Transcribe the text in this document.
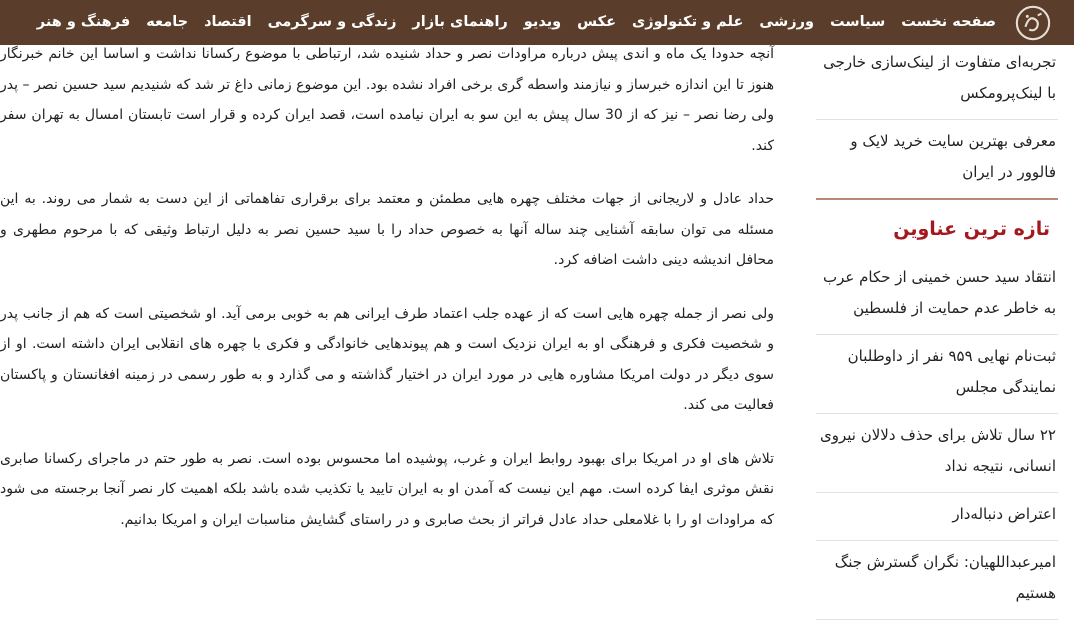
صفحه نخست
سیاست
ورزشی
علم و تکنولوژی
عکس
ویدیو
راهنمای بازار
زندگی و سرگرمی
اقتصاد
جامعه
فرهنگ و هنر
تجربه‌ای متفاوت از لینک‌سازی خارجی با لینک‌پرومکس
معرفی بهترین سایت خرید لایک و فالوور در ایران
تازه ترین عناوین
انتقاد سید حسن خمینی از حکام عرب به خاطر عدم حمایت از فلسطین
ثبت‌نام نهایی ۹۵۹ نفر از داوطلبان نمایندگی مجلس
۲۲ سال تلاش برای حذف دلالان نیروی انسانی، نتیجه نداد
اعتراض دنباله‌دار
امیرعبداللهیان: نگران گسترش جنگ هستیم

آنچه حدودا یک ماه و اندی پیش درباره مراودات نصر و حداد شنیده شد، ارتباطی با موضوع رکسانا نداشت و اساسا این خانم خبرنگار هنوز تا این اندازه خبرساز و نیازمند واسطه گری برخی افراد نشده بود. این موضوع زمانی داغ تر شد که شنیدیم سید حسین نصر – پدر ولی رضا نصر – نیز که از 30 سال پیش به این سو به ایران نیامده است، قصد ایران کرده و قرار است تابستان امسال به تهران سفر کند.

حداد عادل و لاریجانی از جهات مختلف چهره هایی مطمئن و معتمد برای برقراری تفاهماتی از این دست به شمار می روند. به این مسئله می توان سابقه آشنایی چند ساله آنها به خصوص حداد را با سید حسین نصر به دلیل ارتباط وثیقی که با مرحوم مطهری و محافل اندیشه دینی داشت اضافه کرد.

ولی نصر از جمله چهره هایی است که از عهده جلب اعتماد طرف ایرانی هم به خوبی برمی آید. او شخصیتی است که هم از جانب پدر و شخصیت فکری و فرهنگی او به ایران نزدیک است و هم پیوندهایی خانوادگی و فکری با چهره های انقلابی ایران داشته است. او از سوی دیگر در دولت امریکا مشاوره هایی در مورد ایران در اختیار گذاشته و می گذارد و به طور رسمی در زمینه افغانستان و پاکستان فعالیت می کند.

تلاش های او در امریکا برای بهبود روابط ایران و غرب، پوشیده اما محسوس بوده است. نصر به طور حتم در ماجرای رکسانا صابری نقش موثری ایفا کرده است. مهم این نیست که آمدن او به ایران تایید یا تکذیب شده باشد بلکه اهمیت کار نصر آنجا برجسته می شود که مراودات او را با غلامعلی حداد عادل فراتر از بحث صابری و در راستای گشایش مناسبات ایران و امریکا بدانیم.
